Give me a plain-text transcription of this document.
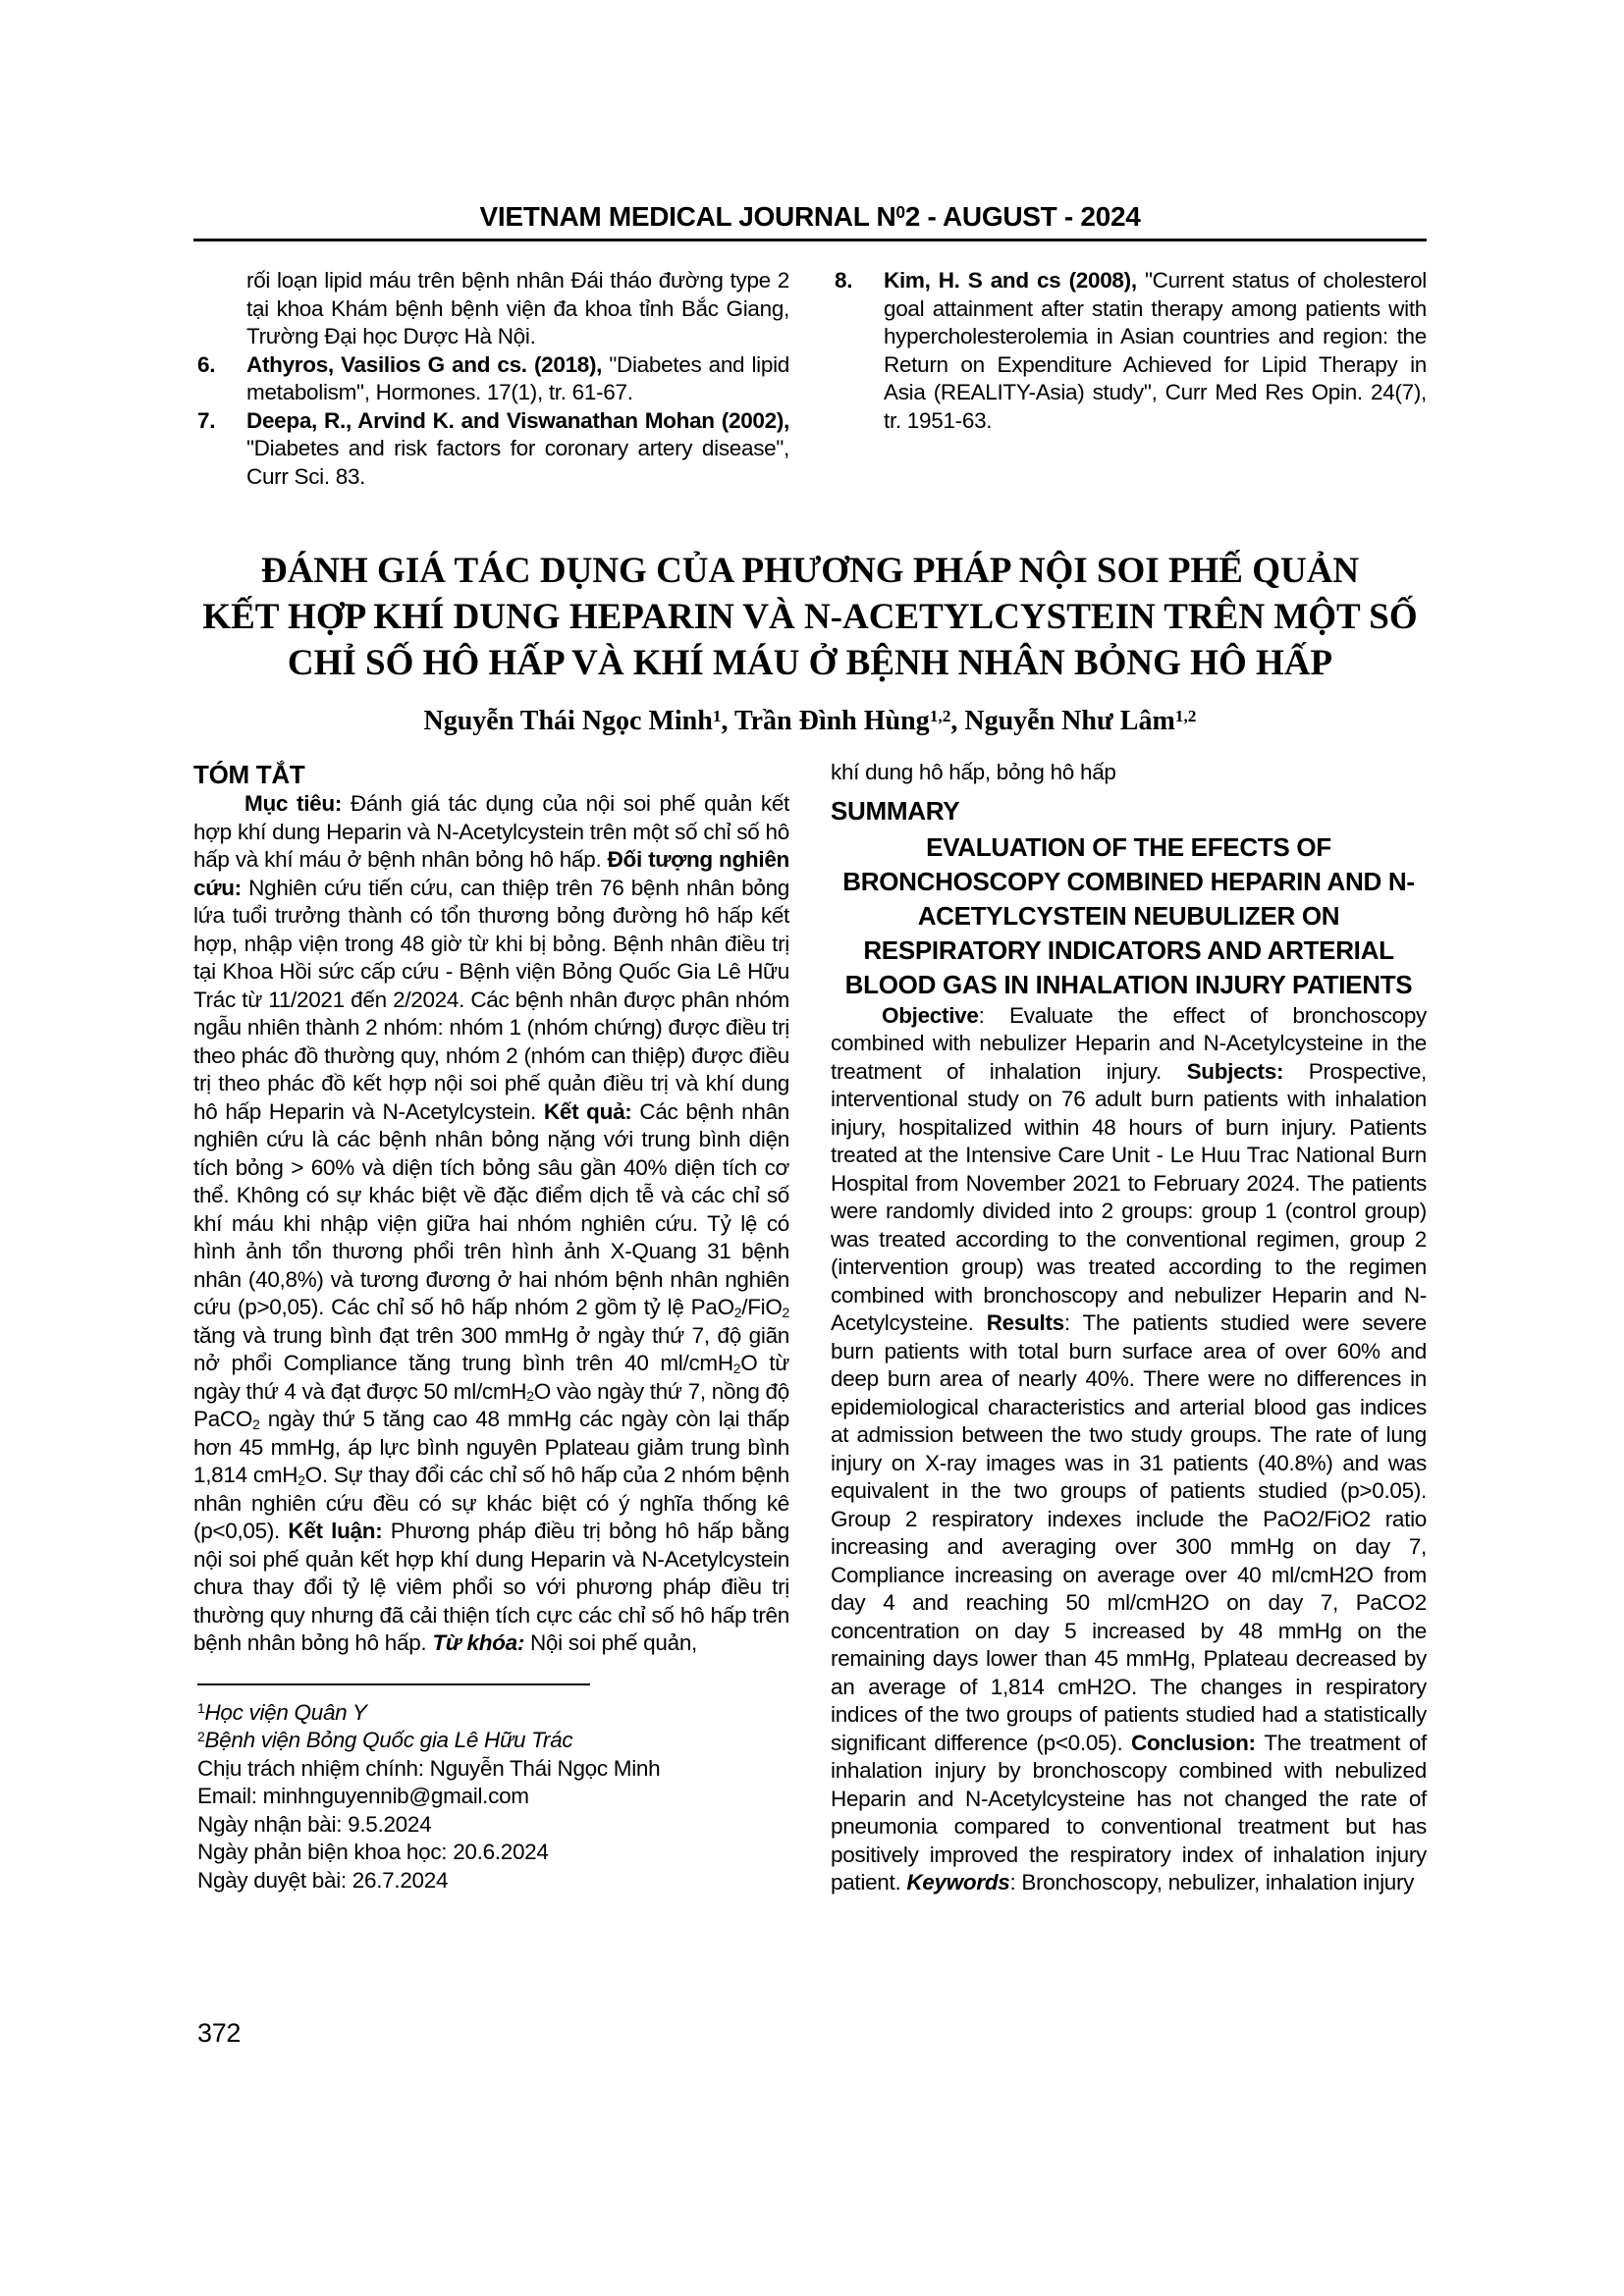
VIETNAM MEDICAL JOURNAL $N^02$ - AUGUST - 2024

rối loạn lipid máu trên bệnh nhân Đái tháo đường type 2 tại khoa Khám bệnh bệnh viện đa khoa tỉnh Bắc Giang, Trường Đại học Dược Hà Nội.

6. Athyros, Vasilios G and cs. (2018), "Diabetes and lipid metabolism", Hormones. 17(1), tr. 61-67.
7. Deepa, R., Arvind K. and Viswanathan Mohan (2002), "Diabetes and risk factors for coronary artery disease", Curr Sci. 83.
8. Kim, H. S and cs (2008), "Current status of cholesterol goal attainment after statin therapy among patients with hypercholesterolemia in Asian countries and region: the Return on Expenditure Achieved for Lipid Therapy in Asia (REALITY-Asia) study", Curr Med Res Opin. 24(7), tr. 1951-63.
ĐÁNH GIÁ TÁC DỤNG CỦA PHƯƠNG PHÁP NỘI SOI PHẾ QUẢN
KẾT HỢP KHÍ DUNG HEPARIN VÀ N-ACETYLCYSTEIN TRÊN MỘT SỐ
CHỈ SỐ HÔ HẤP VÀ KHÍ MÁU Ở BỆNH NHÂN BỎNG HÔ HẤP
Nguyễn Thái Ngọc Minh$^1$, Trần Đình Hùng$^{1,2}$, Nguyễn Như Lâm$^{1,2}$
TÓM TẮT

Mục tiêu: Đánh giá tác dụng của nội soi phế quản kết hợp khí dung Heparin và N-Acetylcystein trên một số chỉ số hô hấp và khí máu ở bệnh nhân bỏng hô hấp. Đối tượng nghiên cứu: Nghiên cứu tiến cứu, can thiệp trên 76 bệnh nhân bỏng lứa tuổi trưởng thành có tổn thương bỏng đường hô hấp kết hợp, nhập viện trong 48 giờ từ khi bị bỏng. Bệnh nhân điều trị tại Khoa Hồi sức cấp cứu - Bệnh viện Bỏng Quốc Gia Lê Hữu Trác từ 11/2021 đến 2/2024. Các bệnh nhân được phân nhóm ngẫu nhiên thành 2 nhóm: nhóm 1 (nhóm chứng) được điều trị theo phác đồ thường quy, nhóm 2 (nhóm can thiệp) được điều trị theo phác đồ kết hợp nội soi phế quản điều trị và khí dung hô hấp Heparin và N-Acetylcystein. Kết quả: Các bệnh nhân nghiên cứu là các bệnh nhân bỏng nặng với trung bình diện tích bỏng > 60% và diện tích bỏng sâu gần 40% diện tích cơ thể. Không có sự khác biệt về đặc điểm dịch tễ và các chỉ số khí máu khi nhập viện giữa hai nhóm nghiên cứu. Tỷ lệ có hình ảnh tổn thương phổi trên hình ảnh X-Quang 31 bệnh nhân (40,8%) và tương đương ở hai nhóm bệnh nhân nghiên cứu (p>0,05). Các chỉ số hô hấp nhóm 2 gồm tỷ lệ PaO$_2$/FiO$_2$ tăng và trung bình đạt trên 300 mmHg ở ngày thứ 7, độ giãn nở phổi Compliance tăng trung bình trên 40 ml/cmH$_2$O từ ngày thứ 4 và đạt được 50 ml/cmH$_2$O vào ngày thứ 7, nồng độ PaCO$_2$ ngày thứ 5 tăng cao 48 mmHg các ngày còn lại thấp hơn 45 mmHg, áp lực bình nguyên Pplateau giảm trung bình 1,814 cmH$_2$O. Sự thay đổi các chỉ số hô hấp của 2 nhóm bệnh nhân nghiên cứu đều có sự khác biệt có ý nghĩa thống kê (p<0,05). Kết luận: Phương pháp điều trị bỏng hô hấp bằng nội soi phế quản kết hợp khí dung Heparin và N-Acetylcystein chưa thay đổi tỷ lệ viêm phổi so với phương pháp điều trị thường quy nhưng đã cải thiện tích cực các chỉ số hô hấp trên bệnh nhân bỏng hô hấp. Từ khóa: Nội soi phế quản,

$^1$Học viện Quân Y

$^2$Bệnh viện Bỏng Quốc gia Lê Hữu Trác

Chịu trách nhiệm chính: Nguyễn Thái Ngọc Minh

Email: minhnguyennib@gmail.com

Ngày nhận bài: 9.5.2024

Ngày phản biện khoa học: 20.6.2024

Ngày duyệt bài: 26.7.2024

khí dung hô hấp, bỏng hô hấp

SUMMARY
EVALUATION OF THE EFECTS OF
BRONCHOSCOPY COMBINED HEPARIN AND N-
ACETYLCYSTEIN NEUBULIZER ON
RESPIRATORY INDICATORS AND ARTERIAL
BLOOD GAS IN INHALATION INJURY PATIENTS

Objective: Evaluate the effect of bronchoscopy combined with nebulizer Heparin and N-Acetylcysteine in the treatment of inhalation injury. Subjects: Prospective, interventional study on 76 adult burn patients with inhalation injury, hospitalized within 48 hours of burn injury. Patients treated at the Intensive Care Unit - Le Huu Trac National Burn Hospital from November 2021 to February 2024. The patients were randomly divided into 2 groups: group 1 (control group) was treated according to the conventional regimen, group 2 (intervention group) was treated according to the regimen combined with bronchoscopy and nebulizer Heparin and N-Acetylcysteine. Results: The patients studied were severe burn patients with total burn surface area of over 60% and deep burn area of nearly 40%. There were no differences in epidemiological characteristics and arterial blood gas indices at admission between the two study groups. The rate of lung injury on X-ray images was in 31 patients (40.8%) and was equivalent in the two groups of patients studied (p>0.05). Group 2 respiratory indexes include the PaO2/FiO2 ratio increasing and averaging over 300 mmHg on day 7, Compliance increasing on average over 40 ml/cmH2O from day 4 and reaching 50 ml/cmH2O on day 7, PaCO2 concentration on day 5 increased by 48 mmHg on the remaining days lower than 45 mmHg, Pplateau decreased by an average of 1,814 cmH2O. The changes in respiratory indices of the two groups of patients studied had a statistically significant difference (p<0.05). Conclusion: The treatment of inhalation injury by bronchoscopy combined with nebulized Heparin and N-Acetylcysteine has not changed the rate of pneumonia compared to conventional treatment but has positively improved the respiratory index of inhalation injury patient. Keywords: Bronchoscopy, nebulizer, inhalation injury

372
